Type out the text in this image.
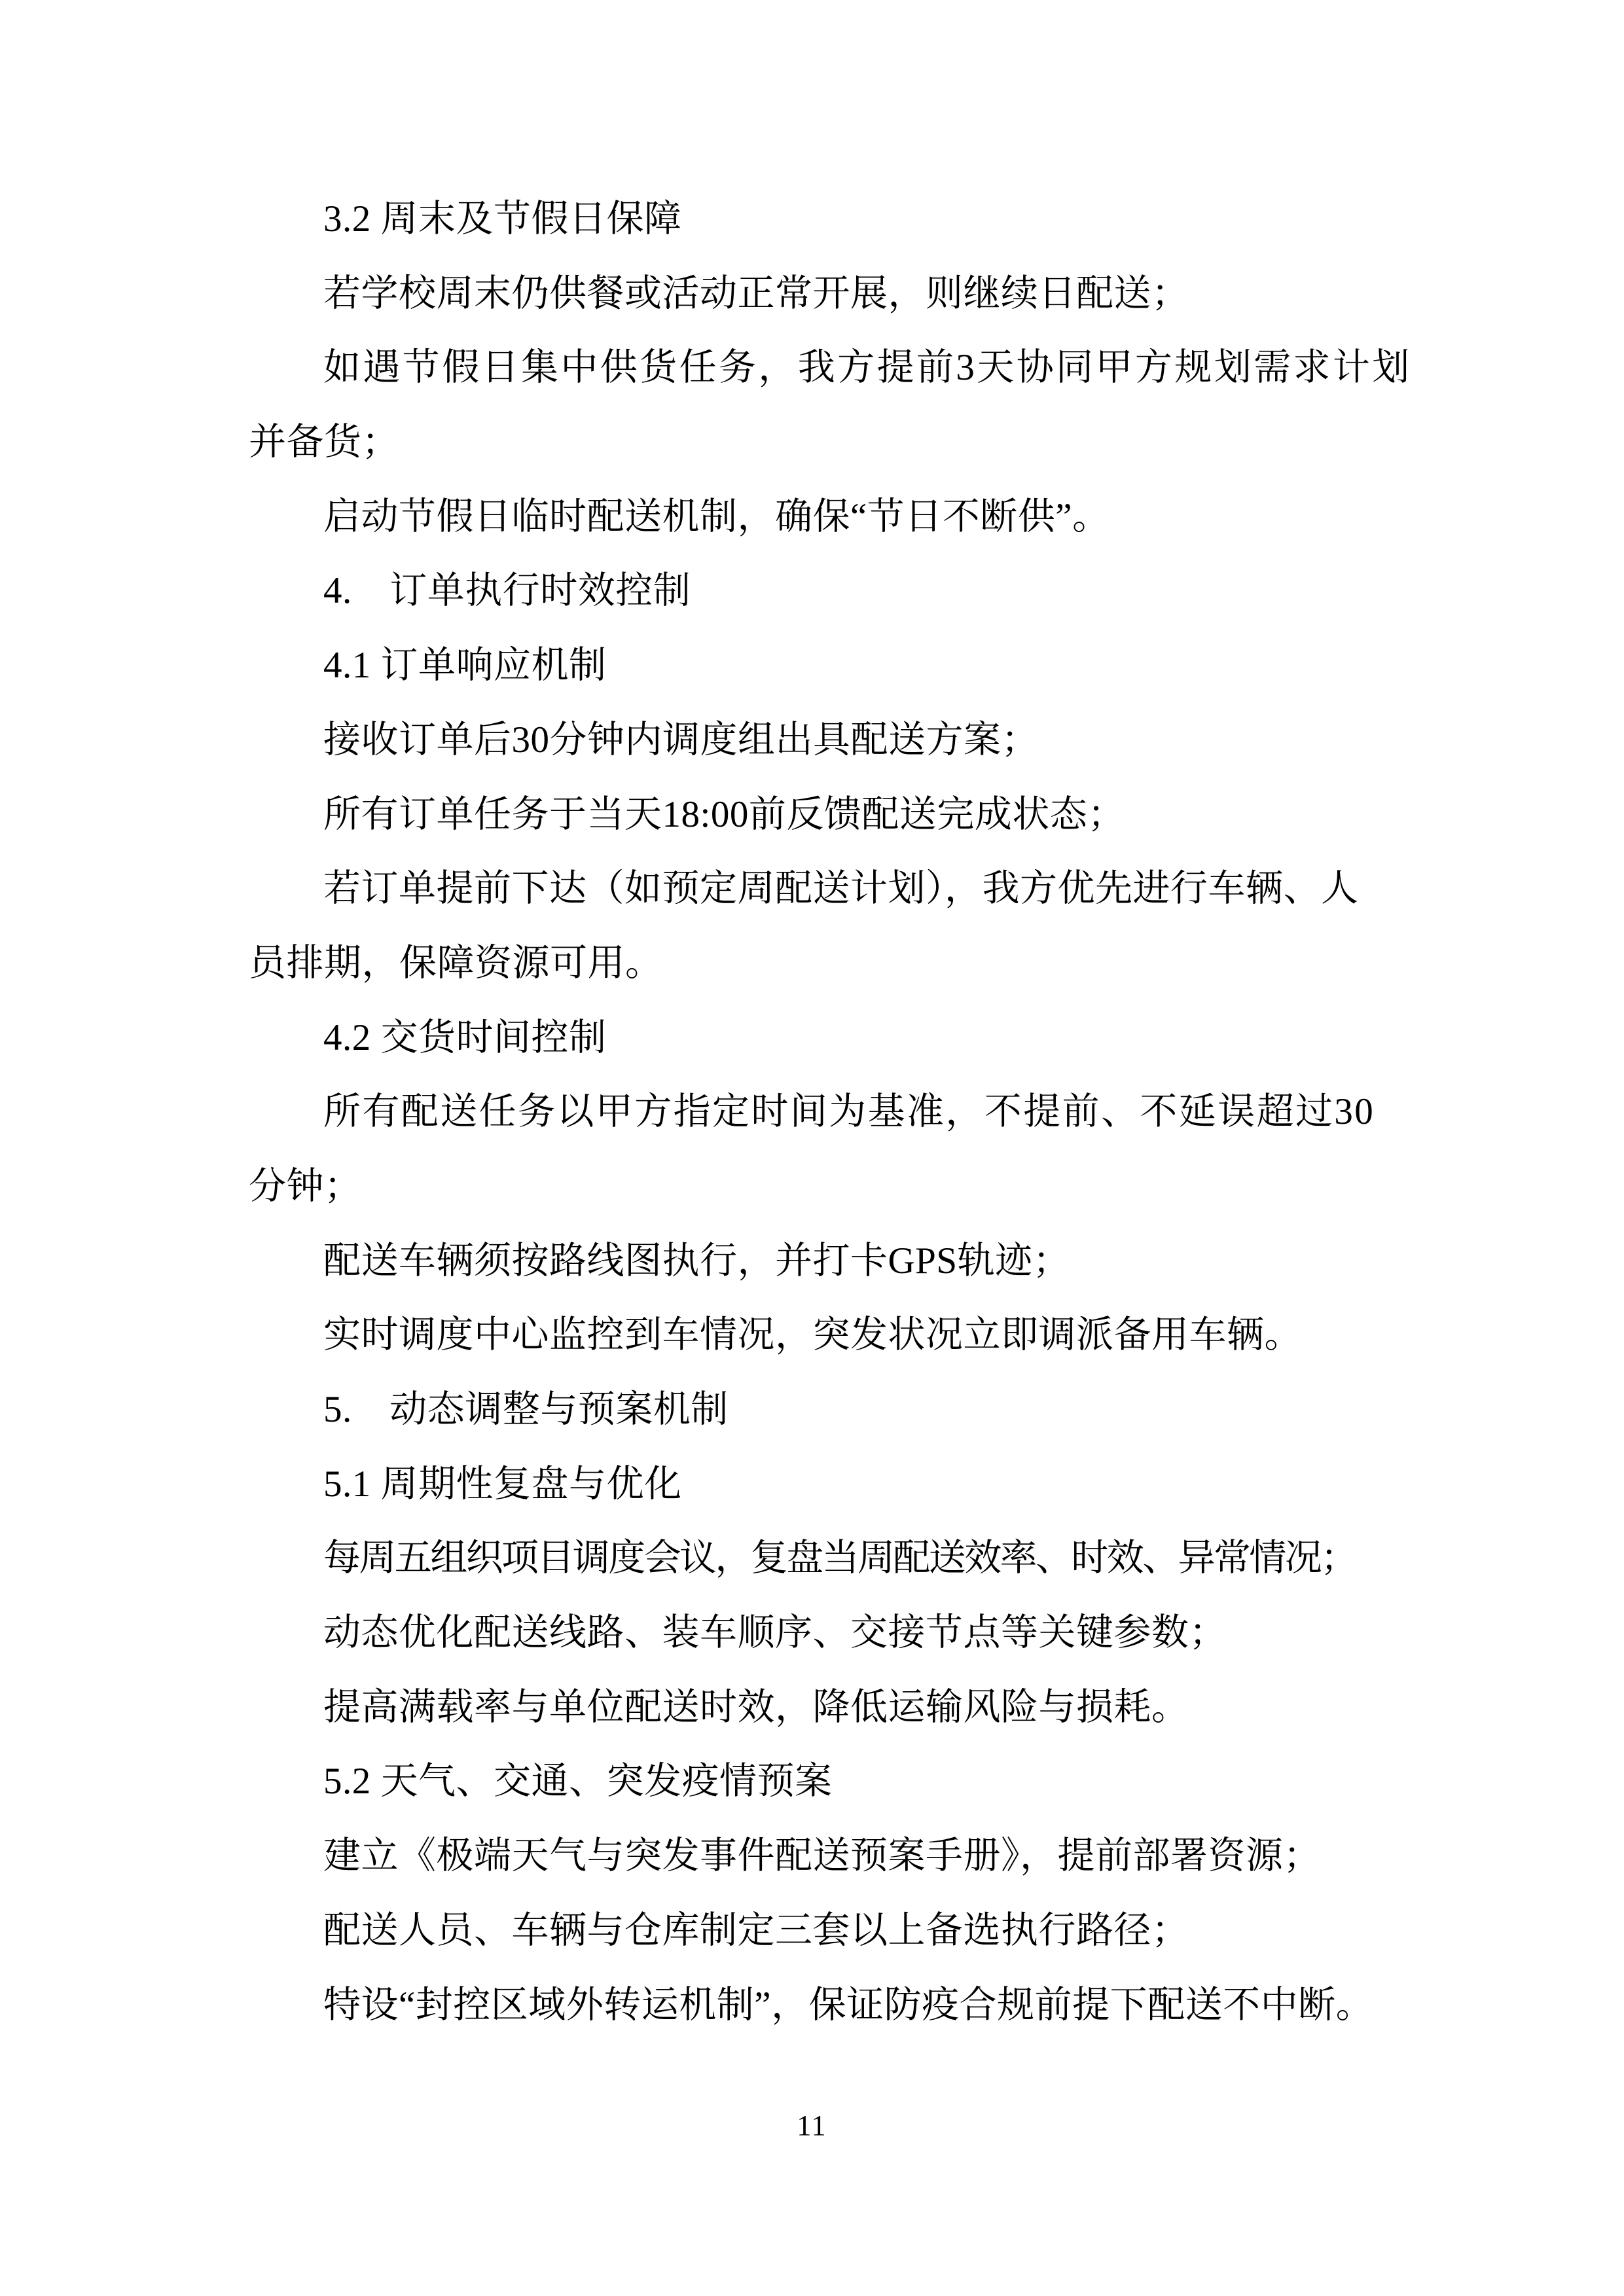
3.2 周末及节假日保障
若学校周末仍供餐或活动正常开展，则继续日配送；
如遇节假日集中供货任务，我方提前3天协同甲方规划需求计划
并备货；
启动节假日临时配送机制，确保“节日不断供”。
4.　订单执行时效控制
4.1 订单响应机制
接收订单后30分钟内调度组出具配送方案；
所有订单任务于当天18:00前反馈配送完成状态；
若订单提前下达（如预定周配送计划），我方优先进行车辆、人
员排期，保障资源可用。
4.2 交货时间控制
所有配送任务以甲方指定时间为基准，不提前、不延误超过30
分钟；
配送车辆须按路线图执行，并打卡GPS轨迹；
实时调度中心监控到车情况，突发状况立即调派备用车辆。
5.　动态调整与预案机制
5.1 周期性复盘与优化
每周五组织项目调度会议，复盘当周配送效率、时效、异常情况；
动态优化配送线路、装车顺序、交接节点等关键参数；
提高满载率与单位配送时效，降低运输风险与损耗。
5.2 天气、交通、突发疫情预案
建立《极端天气与突发事件配送预案手册》，提前部署资源；
配送人员、车辆与仓库制定三套以上备选执行路径；
特设“封控区域外转运机制”，保证防疫合规前提下配送不中断。
11
